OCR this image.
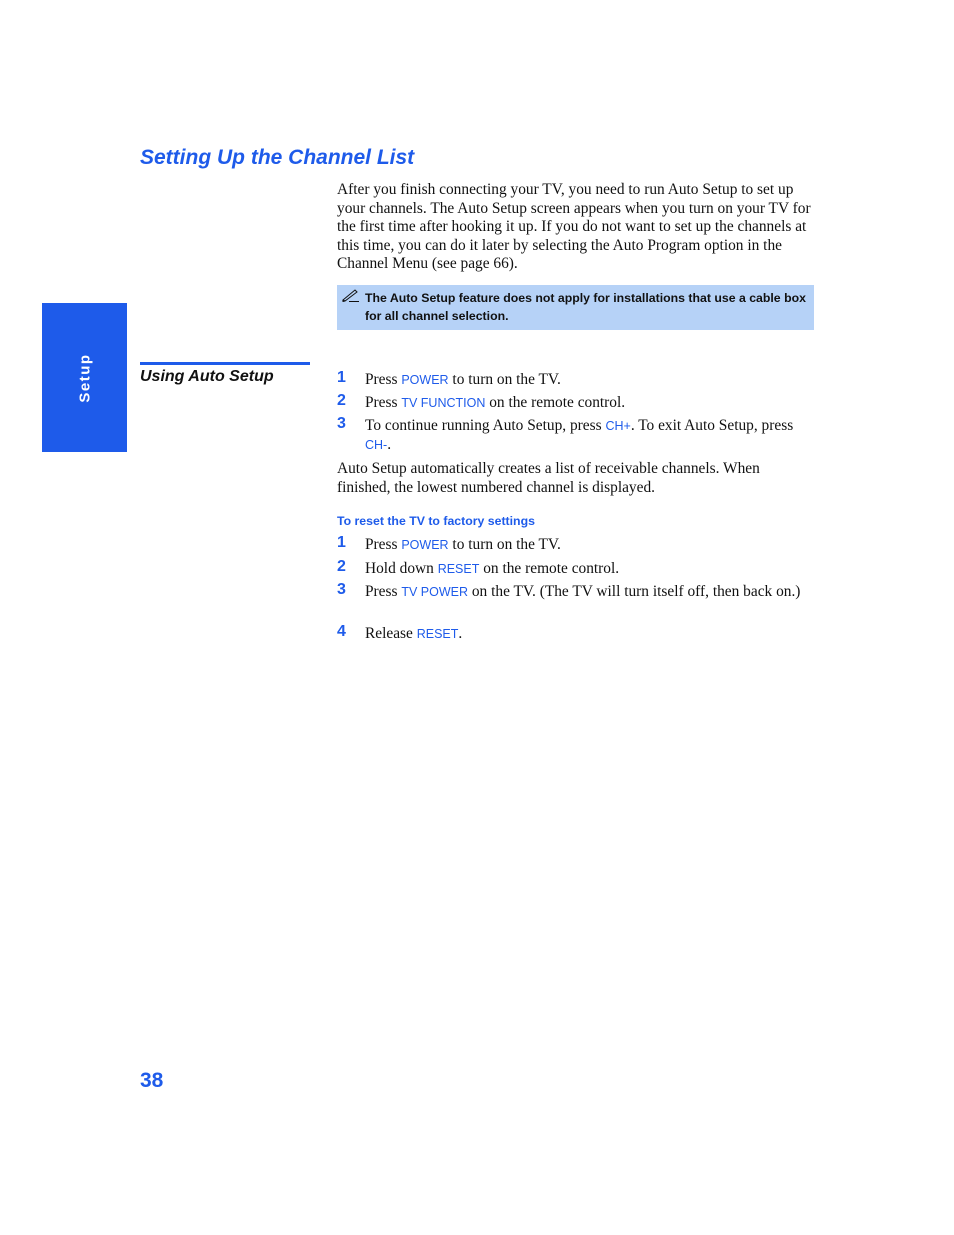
Setting Up the Channel List

After you finish connecting your TV, you need to run Auto Setup to set up your channels. The Auto Setup screen appears when you turn on your TV for the first time after hooking it up. If you do not want to set up the channels at this time, you can do it later by selecting the Auto Program option in the Channel Menu (see page 66).

The Auto Setup feature does not apply for installations that use a cable box for all channel selection.
Setup	Using Auto Setup	1 Press POWER to turn on the TV.
2 Press TV FUNCTION on the remote control.
3 To continue running Auto Setup, press CH+. To exit Auto Setup, press CH-.

Auto Setup automatically creates a list of receivable channels. When finished, the lowest numbered channel is displayed.

To reset the TV to factory settings
1 Press POWER to turn on the TV.
2 Hold down RESET on the remote control.
3 Press TV POWER on the TV. (The TV will turn itself off, then back on.)
4 Release RESET.
38
